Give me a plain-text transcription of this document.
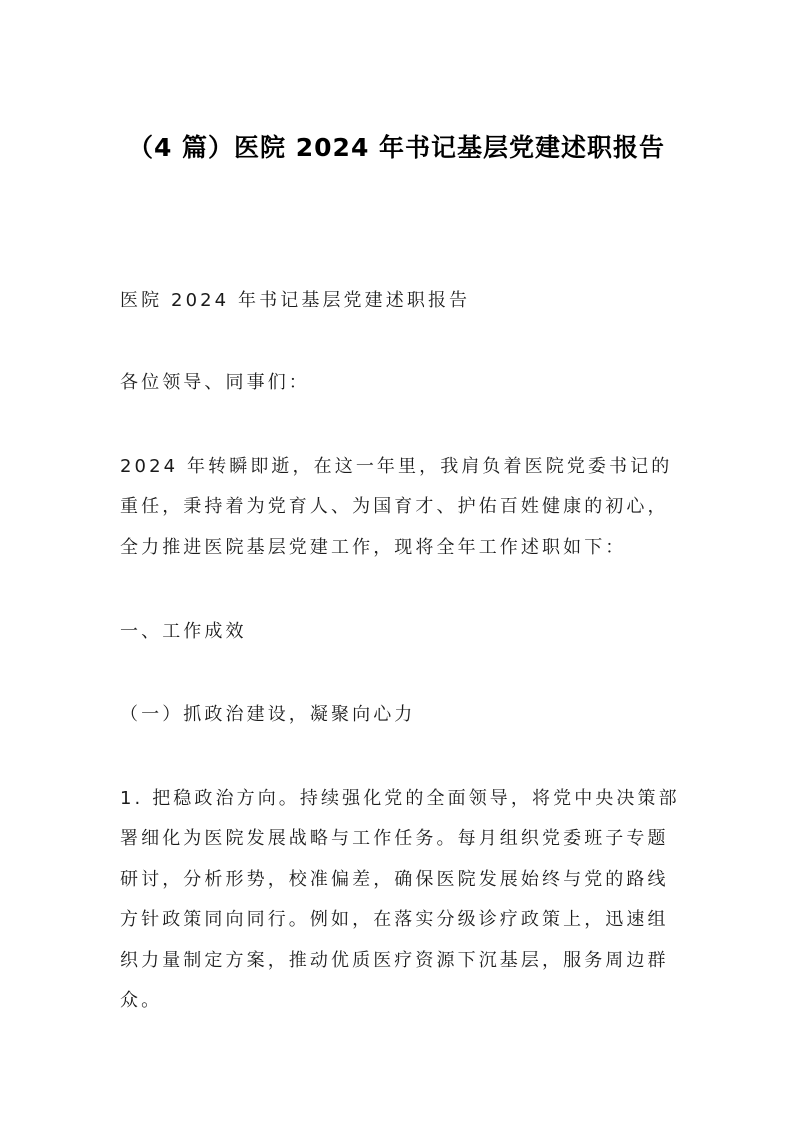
（4 篇）医院 2024 年书记基层党建述职报告
医院 2024 年书记基层党建述职报告
各位领导、同事们：
2024 年转瞬即逝，在这一年里，我肩负着医院党委书记的
重任，秉持着为党育人、为国育才、护佑百姓健康的初心，
全力推进医院基层党建工作，现将全年工作述职如下：
一、工作成效
（一）抓政治建设，凝聚向心力
1. 把稳政治方向。持续强化党的全面领导，将党中央决策部
署细化为医院发展战略与工作任务。每月组织党委班子专题
研讨，分析形势，校准偏差，确保医院发展始终与党的路线
方针政策同向同行。例如，在落实分级诊疗政策上，迅速组
织力量制定方案，推动优质医疗资源下沉基层，服务周边群
众。
